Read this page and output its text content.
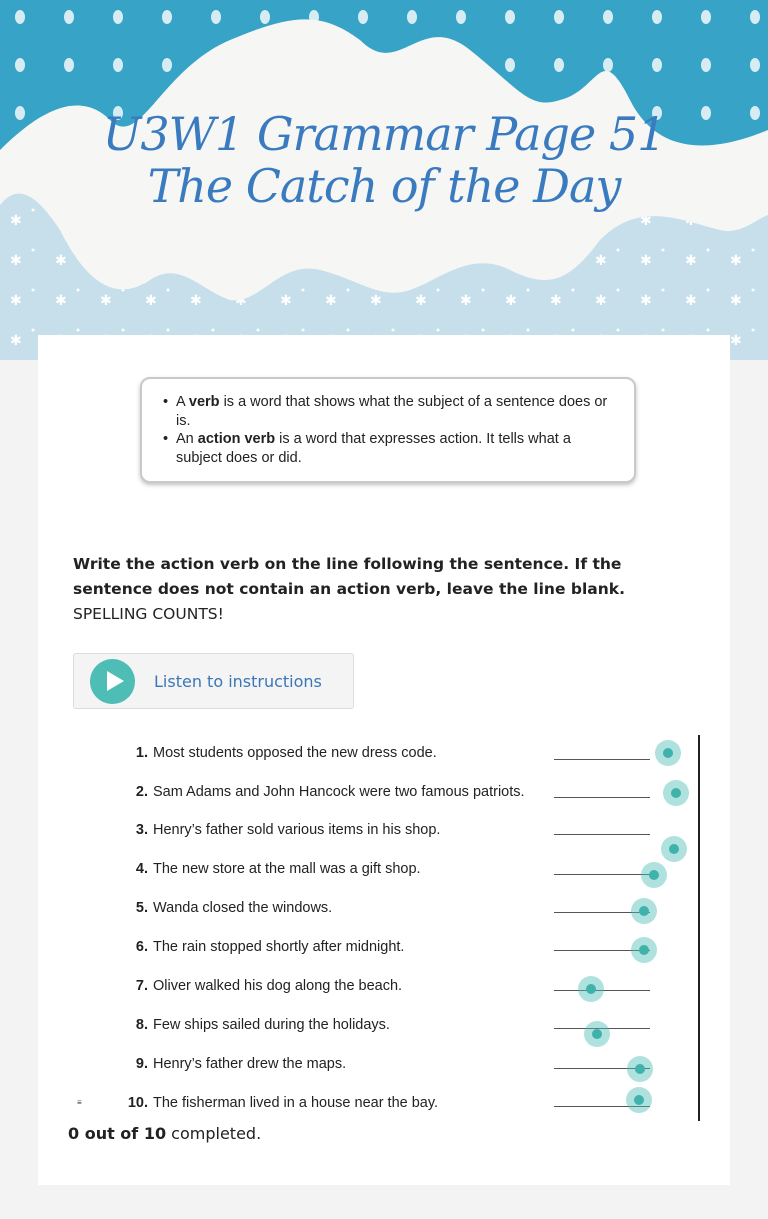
U3W1 Grammar Page 51
The Catch of the Day
• A verb is a word that shows what the subject of a sentence does or is.
• An action verb is a word that expresses action. It tells what a subject does or did.
Write the action verb on the line following the sentence. If the sentence does not contain an action verb, leave the line blank.
SPELLING COUNTS!
Listen to instructions
1. Most students opposed the new dress code.
2. Sam Adams and John Hancock were two famous patriots.
3. Henry’s father sold various items in his shop.
4. The new store at the mall was a gift shop.
5. Wanda closed the windows.
6. The rain stopped shortly after midnight.
7. Oliver walked his dog along the beach.
8. Few ships sailed during the holidays.
9. Henry’s father drew the maps.
10. The fisherman lived in a house near the bay.
≡
0 out of 10 completed.
